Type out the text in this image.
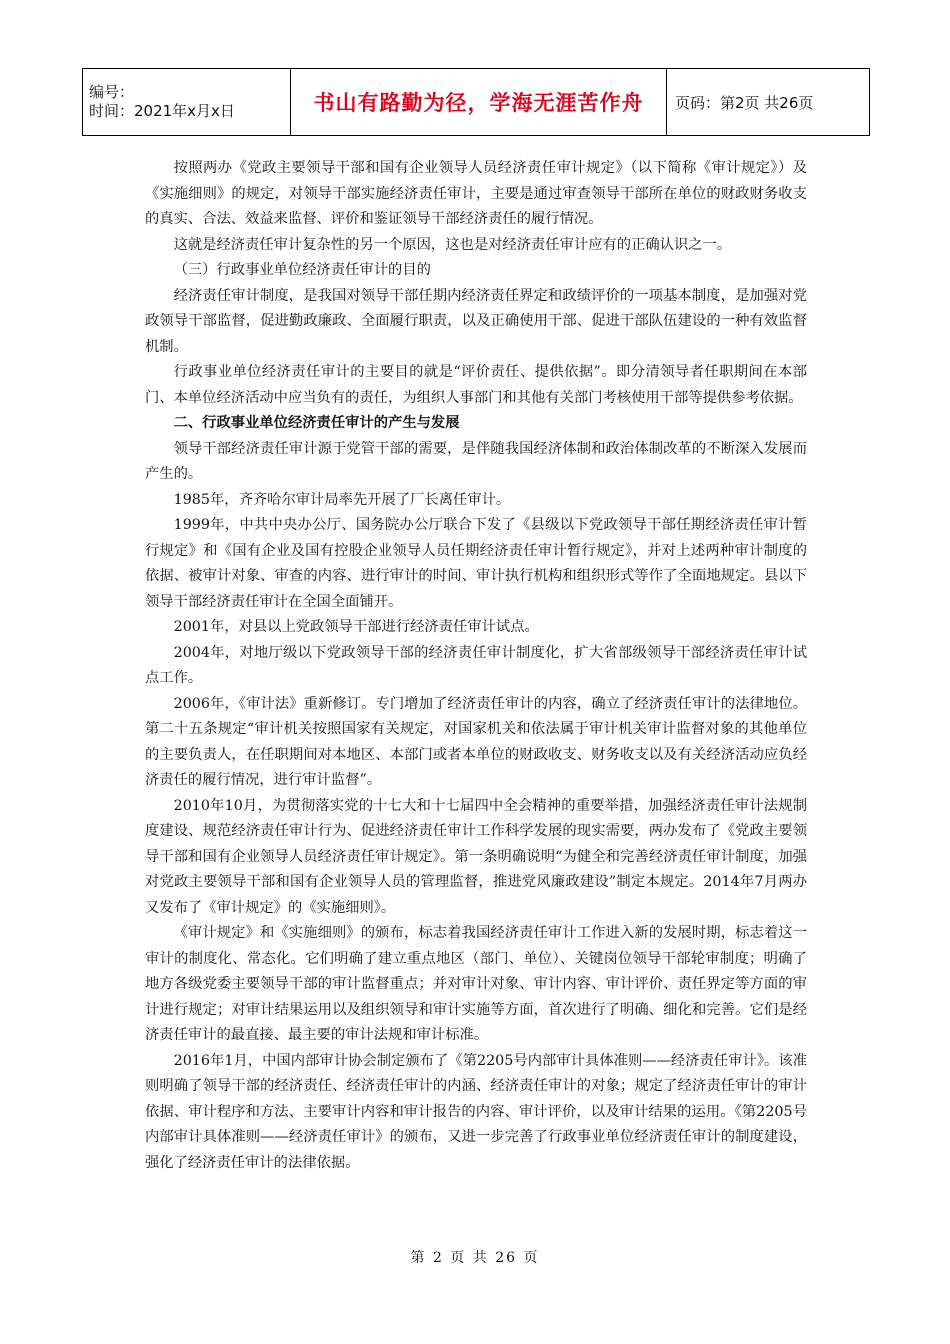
编号：
时间：2021年x月x日	书山有路勤为径，学海无涯苦作舟	页码：第2页 共26页

按照两办《党政主要领导干部和国有企业领导人员经济责任审计规定》（以下简称《审计规定》）及《实施细则》的规定，对领导干部实施经济责任审计，主要是通过审查领导干部所在单位的财政财务收支的真实、合法、效益来监督、评价和鉴证领导干部经济责任的履行情况。

这就是经济责任审计复杂性的另一个原因，这也是对经济责任审计应有的正确认识之一。

（三）行政事业单位经济责任审计的目的

经济责任审计制度，是我国对领导干部任期内经济责任界定和政绩评价的一项基本制度，是加强对党政领导干部监督，促进勤政廉政、全面履行职责，以及正确使用干部、促进干部队伍建设的一种有效监督机制。

行政事业单位经济责任审计的主要目的就是“评价责任、提供依据”。即分清领导者任职期间在本部门、本单位经济活动中应当负有的责任，为组织人事部门和其他有关部门考核使用干部等提供参考依据。

二、行政事业单位经济责任审计的产生与发展

领导干部经济责任审计源于党管干部的需要，是伴随我国经济体制和政治体制改革的不断深入发展而产生的。

1985年，齐齐哈尔审计局率先开展了厂长离任审计。

1999年，中共中央办公厅、国务院办公厅联合下发了《县级以下党政领导干部任期经济责任审计暂行规定》和《国有企业及国有控股企业领导人员任期经济责任审计暂行规定》，并对上述两种审计制度的依据、被审计对象、审查的内容、进行审计的时间、审计执行机构和组织形式等作了全面地规定。县以下领导干部经济责任审计在全国全面铺开。

2001年，对县以上党政领导干部进行经济责任审计试点。

2004年，对地厅级以下党政领导干部的经济责任审计制度化，扩大省部级领导干部经济责任审计试点工作。

2006年，《审计法》重新修订。专门增加了经济责任审计的内容，确立了经济责任审计的法律地位。第二十五条规定“审计机关按照国家有关规定，对国家机关和依法属于审计机关审计监督对象的其他单位的主要负责人，在任职期间对本地区、本部门或者本单位的财政收支、财务收支以及有关经济活动应负经济责任的履行情况，进行审计监督”。

2010年10月，为贯彻落实党的十七大和十七届四中全会精神的重要举措，加强经济责任审计法规制度建设、规范经济责任审计行为、促进经济责任审计工作科学发展的现实需要，两办发布了《党政主要领导干部和国有企业领导人员经济责任审计规定》。第一条明确说明“为健全和完善经济责任审计制度，加强对党政主要领导干部和国有企业领导人员的管理监督，推进党风廉政建设”制定本规定。2014年7月两办又发布了《审计规定》的《实施细则》。

《审计规定》和《实施细则》的颁布，标志着我国经济责任审计工作进入新的发展时期，标志着这一审计的制度化、常态化。它们明确了建立重点地区（部门、单位）、关键岗位领导干部轮审制度；明确了地方各级党委主要领导干部的审计监督重点；并对审计对象、审计内容、审计评价、责任界定等方面的审计进行规定；对审计结果运用以及组织领导和审计实施等方面，首次进行了明确、细化和完善。它们是经济责任审计的最直接、最主要的审计法规和审计标准。

2016年1月，中国内部审计协会制定颁布了《第2205号内部审计具体准则——经济责任审计》。该准则明确了领导干部的经济责任、经济责任审计的内涵、经济责任审计的对象；规定了经济责任审计的审计依据、审计程序和方法、主要审计内容和审计报告的内容、审计评价，以及审计结果的运用。《第2205号内部审计具体准则——经济责任审计》的颁布，又进一步完善了行政事业单位经济责任审计的制度建设，强化了经济责任审计的法律依据。

第 2 页 共 26 页
